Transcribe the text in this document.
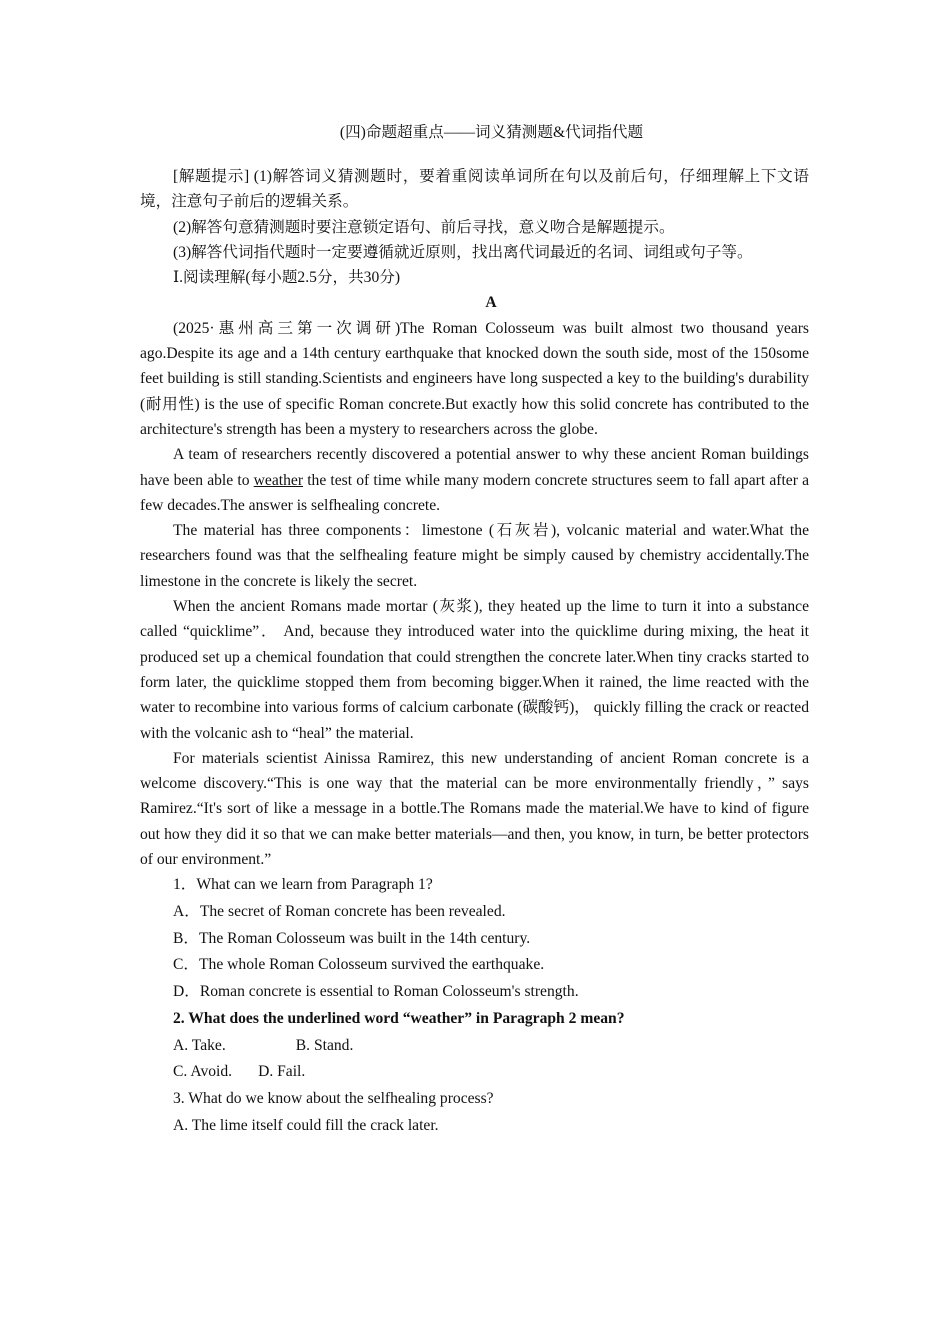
(四)命题超重点——词义猜测题&代词指代题

[解题提示] (1)解答词义猜测题时，要着重阅读单词所在句以及前后句，仔细理解上下文语境，注意句子前后的逻辑关系。

(2)解答句意猜测题时要注意锁定语句、前后寻找，意义吻合是解题提示。

(3)解答代词指代题时一定要遵循就近原则，找出离代词最近的名词、词组或句子等。

Ⅰ.阅读理解(每小题2.5分，共30分)

A

(2025·惠州高三第一次调研)The Roman Colosseum was built almost two thousand years ago.Despite its age and a 14th century earthquake that knocked down the south side, most of the 150some feet building is still standing.Scientists and engineers have long suspected a key to the building's durability (耐用性) is the use of specific Roman concrete.But exactly how this solid concrete has contributed to the architecture's strength has been a mystery to researchers across the globe.

A team of researchers recently discovered a potential answer to why these ancient Roman buildings have been able to weather the test of time while many modern concrete structures seem to fall apart after a few decades.The answer is selfhealing concrete.

The material has three components：limestone (石灰岩), volcanic material and water.What the researchers found was that the selfhealing feature might be simply caused by chemistry accidentally.The limestone in the concrete is likely the secret.

When the ancient Romans made mortar (灰浆), they heated up the lime to turn it into a substance called “quicklime”． And, because they introduced water into the quicklime during mixing, the heat it produced set up a chemical foundation that could strengthen the concrete later.When tiny cracks started to form later, the quicklime stopped them from becoming bigger.When it rained, the lime reacted with the water to recombine into various forms of calcium carbonate (碳酸钙)， quickly filling the crack or reacted with the volcanic ash to “heal” the material.

For materials scientist Ainissa Ramirez, this new understanding of ancient Roman concrete is a welcome discovery.“This is one way that the material can be more environmentally friendly，” says Ramirez.“It's sort of like a message in a bottle.The Romans made the material.We have to kind of figure out how they did it so that we can make better materials—and then, you know, in turn, be better protectors of our environment.”

1．What can we learn from Paragraph 1?
A．The secret of Roman concrete has been revealed.
B．The Roman Colosseum was built in the 14th century.
C．The whole Roman Colosseum survived the earthquake.
D．Roman concrete is essential to Roman Colosseum's strength.
2. What does the underlined word “weather” in Paragraph 2 mean?
A. Take.	B. Stand.
C. Avoid. D. Fail.
3. What do we know about the selfhealing process?
A. The lime itself could fill the crack later.
